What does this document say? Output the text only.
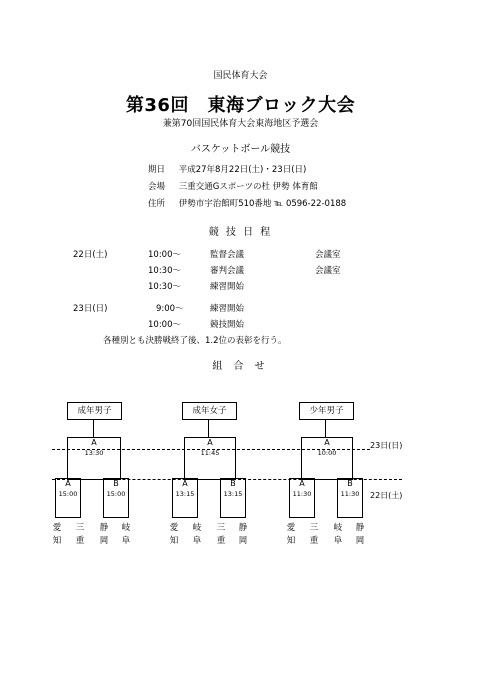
国民体育大会
第36回　東海ブロック大会
兼第70回国民体育大会東海地区予選会
バスケットボール競技
期日 平成27年8月22日(土)・23日(日)
会場 三重交通Gスポーツの杜 伊勢 体育館
住所 伊勢市宇治館町510番地 ℡ 0596-22-0188
競 技 日 程
22日(土)	10:00〜	監督会議	会議室
10:30〜	審判会議	会議室
10:30〜	練習開始
23日(日)	9:00〜	練習開始
10:00〜	競技開始
各種別とも決勝戦終了後、1.2位の表彰を行う。
組 合 せ
23日(日)
22日(土)
成年男子
A
13:30
A
15:00
B
15:00
愛知
三重
静岡
岐阜
成年女子
A
11:45
A
13:15
B
13:15
愛知
岐阜
三重
静岡
少年男子
A
10:00
A
11:30
B
11:30
愛知
三重
岐阜
静岡
